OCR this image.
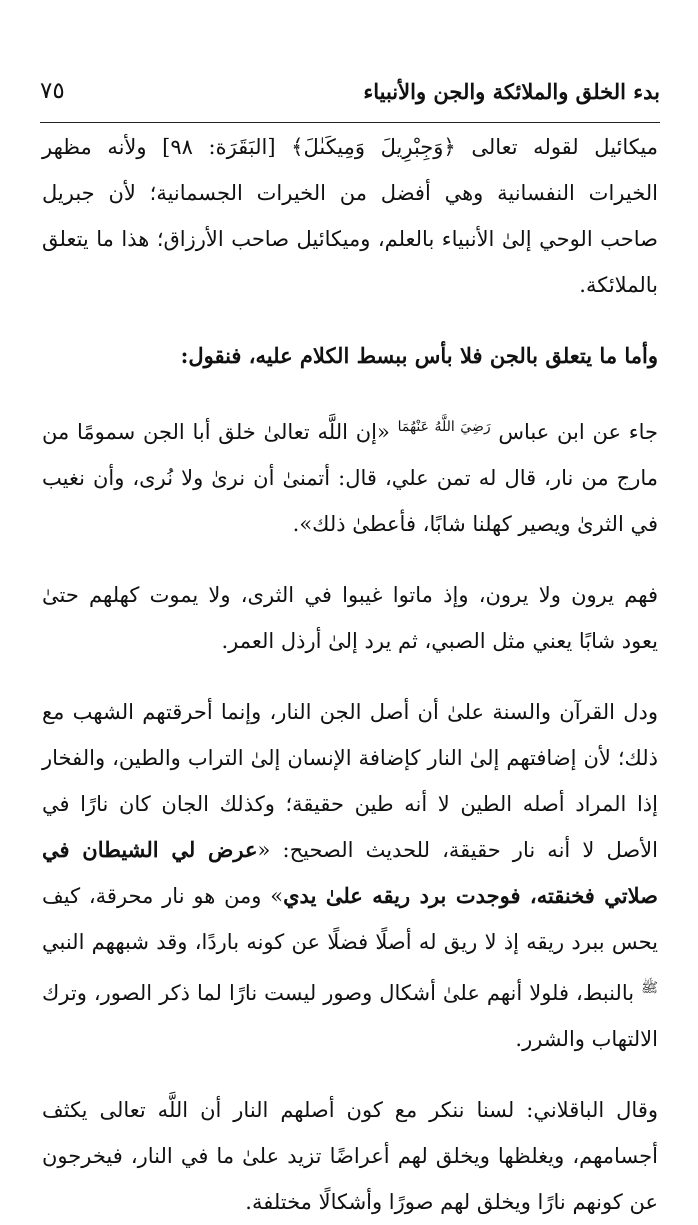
بدء الخلق والملائكة والجن والأنبياء
٧٥

ميكائيل لقوله تعالى ﴿وَجِبْرِيلَ وَمِيكَىٰلَ﴾ [البَقَرَة: ٩٨] ولأنه مظهر الخيرات النفسانية وهي أفضل من الخيرات الجسمانية؛ لأن جبريل صاحب الوحي إلىٰ الأنبياء بالعلم، وميكائيل صاحب الأرزاق؛ هذا ما يتعلق بالملائكة.

وأما ما يتعلق بالجن فلا بأس ببسط الكلام عليه، فنقول:

جاء عن ابن عباس $^{رَضِيَ اللَّهُ عَنْهُمَا}$ «إن اللَّه تعالىٰ خلق أبا الجن سمومًا من مارج من نار، قال له تمن علي، قال: أتمنىٰ أن نرىٰ ولا نُرى، وأن نغيب في الثرىٰ ويصير كهلنا شابًا، فأعطىٰ ذلك».

فهم يرون ولا يرون، وإذ ماتوا غيبوا في الثرى، ولا يموت كهلهم حتىٰ يعود شابًا يعني مثل الصبي، ثم يرد إلىٰ أرذل العمر.

ودل القرآن والسنة علىٰ أن أصل الجن النار، وإنما أحرقتهم الشهب مع ذلك؛ لأن إضافتهم إلىٰ النار كإضافة الإنسان إلىٰ التراب والطين، والفخار إذا المراد أصله الطين لا أنه طين حقيقة؛ وكذلك الجان كان نارًا في الأصل لا أنه نار حقيقة، للحديث الصحيح: «عرض لي الشيطان في صلاتي فخنقته، فوجدت برد ريقه علىٰ يدي» ومن هو نار محرقة، كيف يحس ببرد ريقه إذ لا ريق له أصلًا فضلًا عن كونه باردًا، وقد شبههم النبي $^ﷺ$ بالنبط، فلولا أنهم علىٰ أشكال وصور ليست نارًا لما ذكر الصور، وترك الالتهاب والشرر.

وقال الباقلاني: لسنا ننكر مع كون أصلهم النار أن اللَّه تعالى يكثف أجسامهم، ويغلظها ويخلق لهم أعراضًا تزيد علىٰ ما في النار، فيخرجون عن كونهم نارًا ويخلق لهم صورًا وأشكالًا مختلفة.
